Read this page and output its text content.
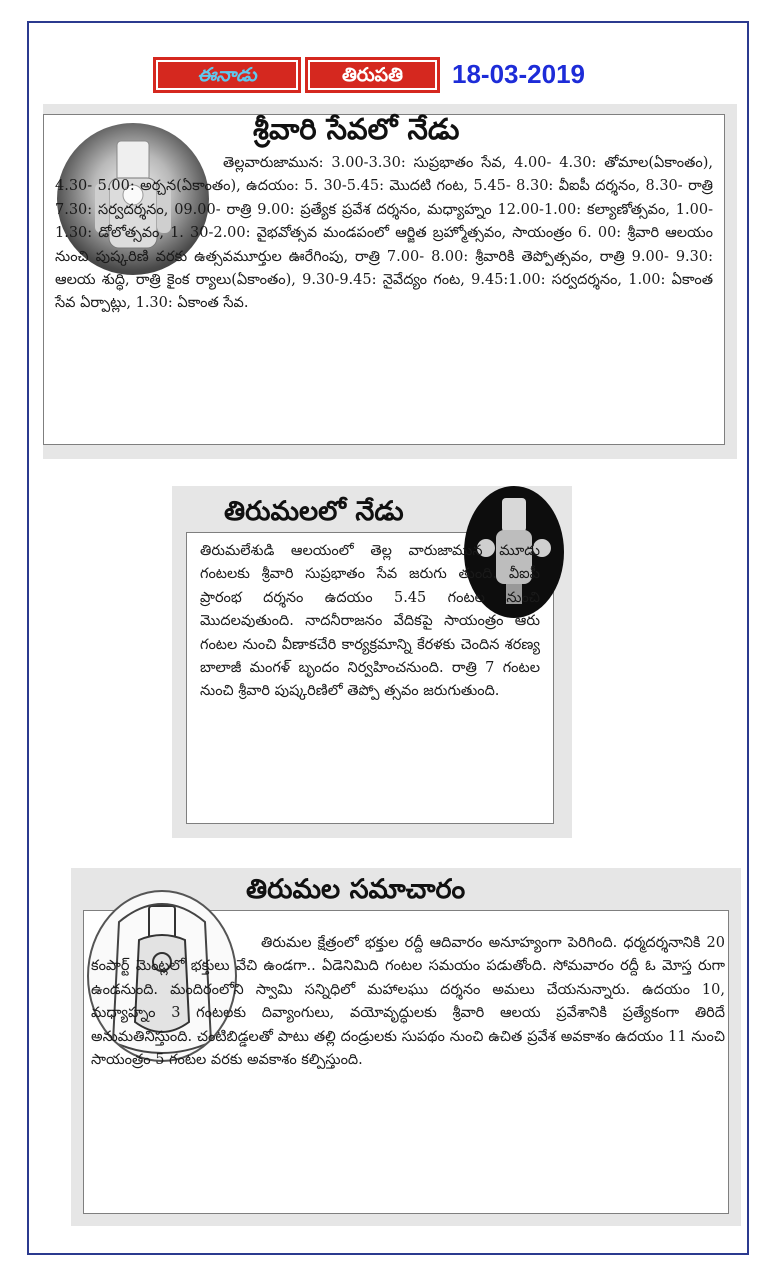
ఈనాడు	తిరుపతి	18-03-2019
శ్రీవారి సేవలో నేడు
తెల్లవారుజామున: 3.00-3.30: సుప్రభాతం సేవ, 4.00- 4.30: తోమాల(ఏకాంతం), 4.30- 5.00: అర్చన(ఏకాంతం), ఉదయం: 5. 30-5.45: మొదటి గంట, 5.45- 8.30: వీఐపీ దర్శనం, 8.30- రాత్రి 7.30: సర్వదర్శనం, 09.00- రాత్రి 9.00: ప్రత్యేక ప్రవేశ దర్శనం, మధ్యాహ్నం 12.00-1.00: కల్యాణోత్సవం, 1.00-1.30: డోలోత్సవం, 1. 30-2.00: వైభవోత్సవ మండపంలో ఆర్జిత బ్రహ్మోత్సవం, సాయంత్రం 6. 00: శ్రీవారి ఆలయం నుంచి పుష్కరిణి వరకు ఉత్సవమూర్తుల ఊరేగింపు, రాత్రి 7.00- 8.00: శ్రీవారికి తెప్పోత్సవం, రాత్రి 9.00- 9.30: ఆలయ శుద్ధి, రాత్రి కైంక ర్యాలు(ఏకాంతం), 9.30-9.45: నైవేద్యం గంట, 9.45:1.00: సర్వదర్శనం, 1.00: ఏకాంత సేవ ఏర్పాట్లు, 1.30: ఏకాంత సేవ.
తిరుమలలో నేడు
తిరుమలేశుడి ఆలయంలో తెల్ల వారుజామున మూడు గంటలకు శ్రీవారి సుప్రభాతం సేవ జరుగు తుంది. వీఐపీ ప్రారంభ దర్శనం ఉదయం 5.45 గంటల నుంచి మొదలవుతుంది. నాదనీరాజనం వేదికపై సాయంత్రం ఆరు గంటల నుంచి వీణాకచేరి కార్యక్రమాన్ని కేరళకు చెందిన శరణ్య బాలాజీ మంగళ్ బృందం నిర్వహించనుంది. రాత్రి 7 గంటల నుంచి శ్రీవారి పుష్కరిణిలో తెప్పో త్సవం జరుగుతుంది.
తిరుమల సమాచారం
తిరుమల క్షేత్రంలో భక్తుల రద్దీ ఆదివారం అనూహ్యంగా పెరిగింది. ధర్మదర్శనానికి 20 కంపార్ట్ మెంట్లలో భక్తులు వేచి ఉండగా.. ఏడెనిమిది గంటల సమయం పడుతోంది. సోమవారం రద్దీ ఓ మోస్త రుగా ఉండనుంది. మందిరంలోని స్వామి సన్నిధిలో మహాలఘు దర్శనం అమలు చేయనున్నారు. ఉదయం 10, మధ్యాహ్నం 3 గంటలకు దివ్యాంగులు, వయోవృద్ధులకు శ్రీవారి ఆలయ ప్రవేశానికి ప్రత్యేకంగా తిరిదే అనుమతినిస్తుంది. చంటిబిడ్డలతో పాటు తల్లి దండ్రులకు సుపథం నుంచి ఉచిత ప్రవేశ అవకాశం ఉదయం 11 నుంచి సాయంత్రం 5 గంటల వరకు అవకాశం కల్పిస్తుంది.
